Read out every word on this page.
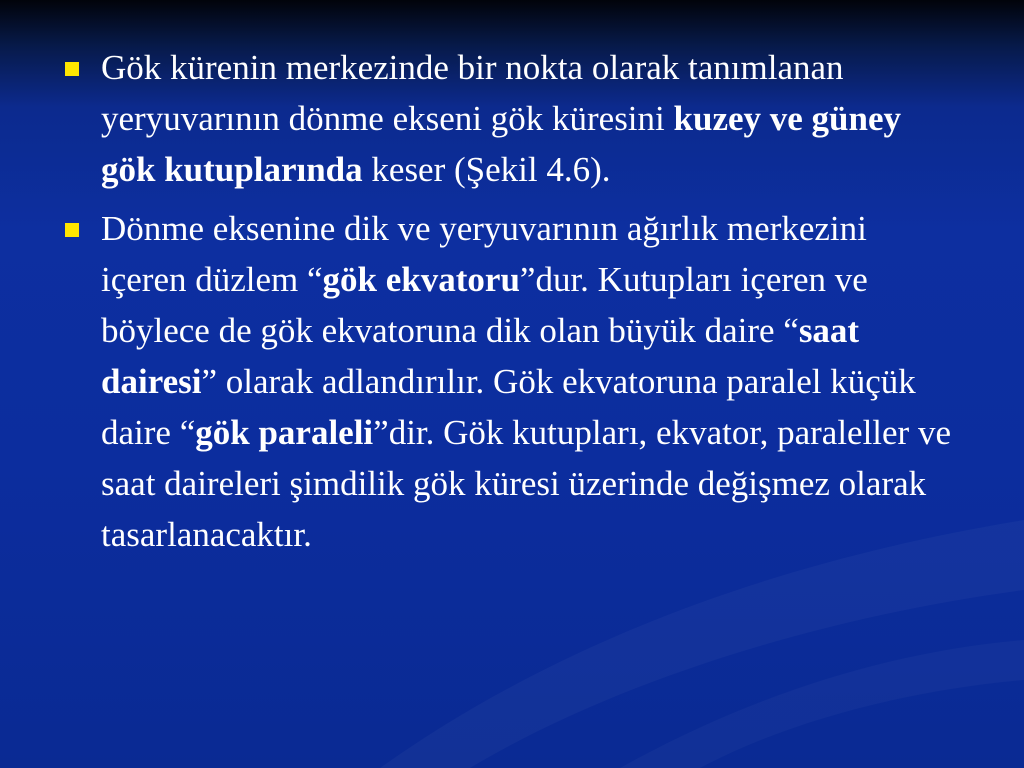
Gök kürenin merkezinde bir nokta olarak tanımlanan yeryuvarının dönme ekseni gök küresini kuzey ve güney gök kutuplarında keser (Şekil 4.6).
Dönme eksenine dik ve yeryuvarının ağırlık merkezini içeren düzlem “gök ekvatoru”dur. Kutupları içeren ve böylece de gök ekvatoruna dik olan büyük daire “saat dairesi” olarak adlandırılır. Gök ekvatoruna paralel küçük daire “gök paraleli”dir. Gök kutupları, ekvator, paraleller ve saat daireleri şimdilik gök küresi üzerinde değişmez olarak tasarlanacaktır.
